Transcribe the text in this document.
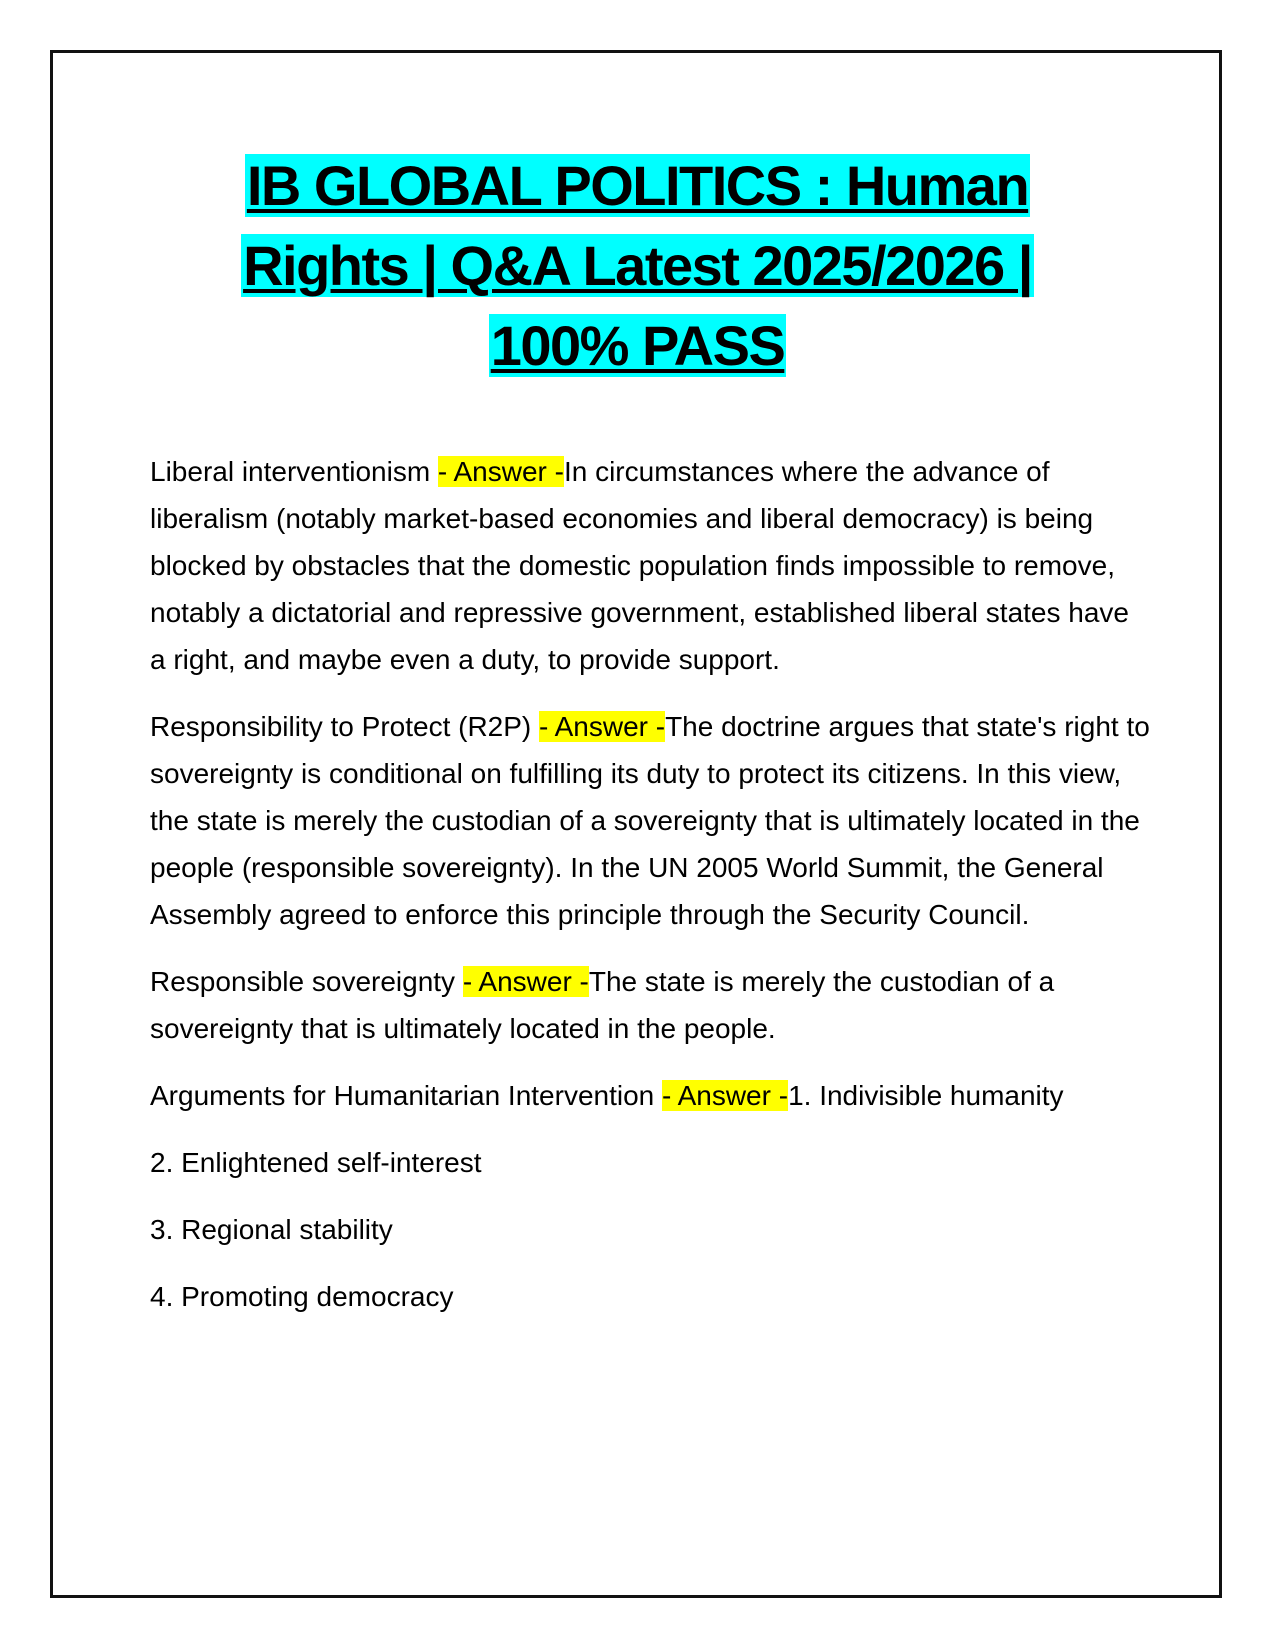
IB GLOBAL POLITICS : Human
Rights | Q&A Latest 2025/2026 |
100% PASS

Liberal interventionism - Answer -In circumstances where the advance of liberalism (notably market-based economies and liberal democracy) is being blocked by obstacles that the domestic population finds impossible to remove, notably a dictatorial and repressive government, established liberal states have a right, and maybe even a duty, to provide support.

Responsibility to Protect (R2P) - Answer -The doctrine argues that state's right to sovereignty is conditional on fulfilling its duty to protect its citizens. In this view, the state is merely the custodian of a sovereignty that is ultimately located in the people (responsible sovereignty). In the UN 2005 World Summit, the General Assembly agreed to enforce this principle through the Security Council.

Responsible sovereignty - Answer -The state is merely the custodian of a sovereignty that is ultimately located in the people.

Arguments for Humanitarian Intervention - Answer -1. Indivisible humanity

2. Enlightened self-interest

3. Regional stability

4. Promoting democracy
